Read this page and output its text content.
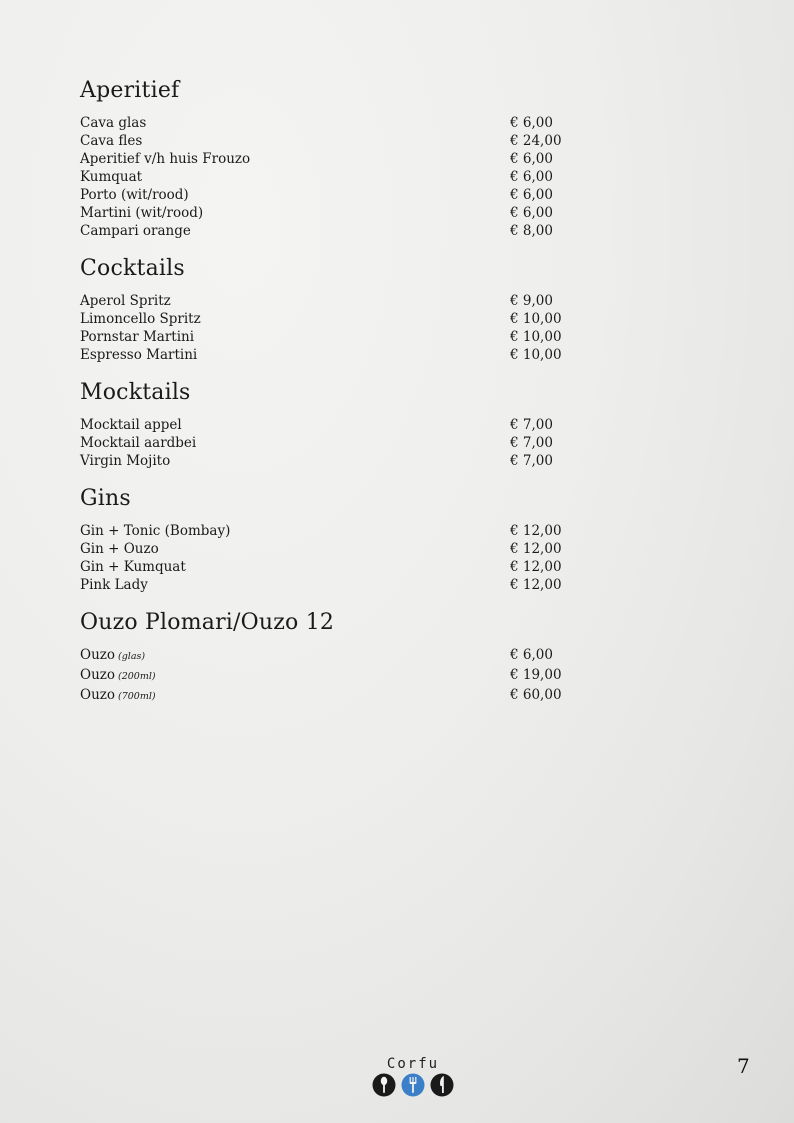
Aperitief
Cava glas	€ 6,00
Cava fles	€ 24,00
Aperitief v/h huis Frouzo	€ 6,00
Kumquat	€ 6,00
Porto (wit/rood)	€ 6,00
Martini (wit/rood)	€ 6,00
Campari orange	€ 8,00
Cocktails
Aperol Spritz	€ 9,00
Limoncello Spritz	€ 10,00
Pornstar Martini	€ 10,00
Espresso Martini	€ 10,00
Mocktails
Mocktail appel	€ 7,00
Mocktail aardbei	€ 7,00
Virgin Mojito	€ 7,00
Gins
Gin + Tonic (Bombay)	€ 12,00
Gin + Ouzo	€ 12,00
Gin + Kumquat	€ 12,00
Pink Lady	€ 12,00
Ouzo Plomari/Ouzo 12
Ouzo (glas)	€ 6,00
Ouzo (200ml)	€ 19,00
Ouzo (700ml)	€ 60,00
Corfu	7
